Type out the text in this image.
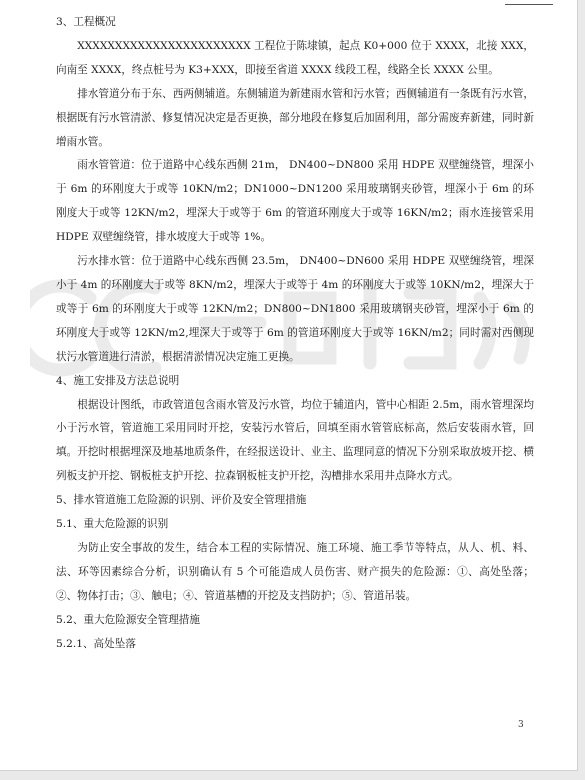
3、工程概况

XXXXXXXXXXXXXXXXXXXXXXX 工程位于陈埭镇，起点 K0+000 位于 XXXX，北接 XXX，向南至 XXXX，终点桩号为 K3+XXX，即接至省道 XXXX 线段工程，线路全长 XXXX 公里。

排水管道分布于东、西两侧辅道。东侧辅道为新建雨水管和污水管；西侧辅道有一条既有污水管，根据既有污水管清淤、修复情况决定是否更换，部分地段在修复后加固利用，部分需废弃新建，同时新增雨水管。

雨水管管道：位于道路中心线东西侧 21m， DN400~DN800 采用 HDPE 双壁缠绕管，埋深小于 6m 的环刚度大于或等 10KN/m2；DN1000~DN1200 采用玻璃钢夹砂管，埋深小于 6m 的环刚度大于或等 12KN/m2，埋深大于或等于 6m 的管道环刚度大于或等 16KN/m2；雨水连接管采用 HDPE 双壁缠绕管，排水坡度大于或等 1%。

污水排水管：位于道路中心线东西侧 23.5m， DN400~DN600 采用 HDPE 双壁缠绕管，埋深小于 4m 的环刚度大于或等 8KN/m2，埋深大于或等于 4m 的环刚度大于或等 10KN/m2，埋深大于或等于 6m 的环刚度大于或等 12KN/m2；DN800~DN1800 采用玻璃钢夹砂管，埋深小于 6m 的环刚度大于或等 12KN/m2,埋深大于或等于 6m 的管道环刚度大于或等 16KN/m2；同时需对西侧现状污水管道进行清淤，根据清淤情况决定施工更换。

4、施工安排及方法总说明

根据设计图纸，市政管道包含雨水管及污水管，均位于辅道内，管中心相距 2.5m，雨水管埋深均小于污水管，管道施工采用同时开挖，安装污水管后，回填至雨水管管底标高，然后安装雨水管，回填。开挖时根据埋深及地基地质条件，在经报送设计、业主、监理同意的情况下分别采取放坡开挖、横列板支护开挖、钢板桩支护开挖、拉森钢板桩支护开挖，沟槽排水采用井点降水方式。

5、排水管道施工危险源的识别、评价及安全管理措施

5.1、重大危险源的识别

为防止安全事故的发生，结合本工程的实际情况、施工环境、施工季节等特点，从人、机、料、法、环等因素综合分析，识别确认有 5 个可能造成人员伤害、财产损失的危险源：①、高处坠落；②、物体打击；③、触电；④、管道基槽的开挖及支挡防护；⑤、管道吊装。

5.2、重大危险源安全管理措施

5.2.1、高处坠落

3
